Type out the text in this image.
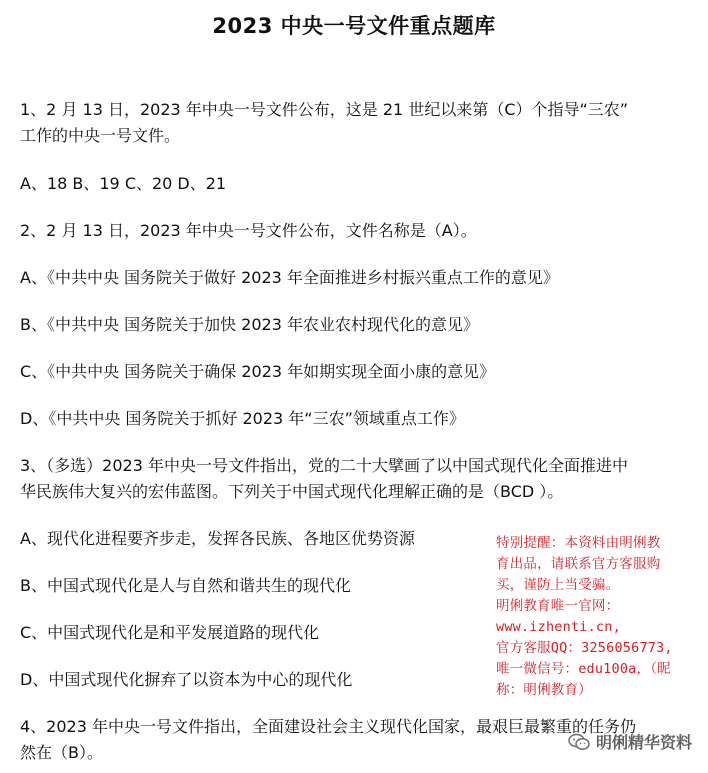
2023 中央一号文件重点题库
1、2 月 13 日，2023 年中央一号文件公布，这是 21 世纪以来第（C）个指导“三农”
工作的中央一号文件。
A、18 B、19 C、20 D、21
2、2 月 13 日，2023 年中央一号文件公布，文件名称是（A）。
A、《中共中央 国务院关于做好 2023 年全面推进乡村振兴重点工作的意见》
B、《中共中央 国务院关于加快 2023 年农业农村现代化的意见》
C、《中共中央 国务院关于确保 2023 年如期实现全面小康的意见》
D、《中共中央 国务院关于抓好 2023 年“三农”领域重点工作》
3、（多选）2023 年中央一号文件指出，党的二十大擘画了以中国式现代化全面推进中
华民族伟大复兴的宏伟蓝图。下列关于中国式现代化理解正确的是（BCD ）。
A、现代化进程要齐步走，发挥各民族、各地区优势资源
B、中国式现代化是人与自然和谐共生的现代化
C、中国式现代化是和平发展道路的现代化
D、中国式现代化摒弃了以资本为中心的现代化
4、2023 年中央一号文件指出，全面建设社会主义现代化国家，最艰巨最繁重的任务仍
然在（B）。
特别提醒：本资料由明俐教
育出品，请联系官方客服购
买，谨防上当受骗。
明俐教育唯一官网：
www.izhenti.cn,
官方客服QQ：3256056773,
唯一微信号：edu100a，（昵
称：明俐教育）
明俐精华资料
